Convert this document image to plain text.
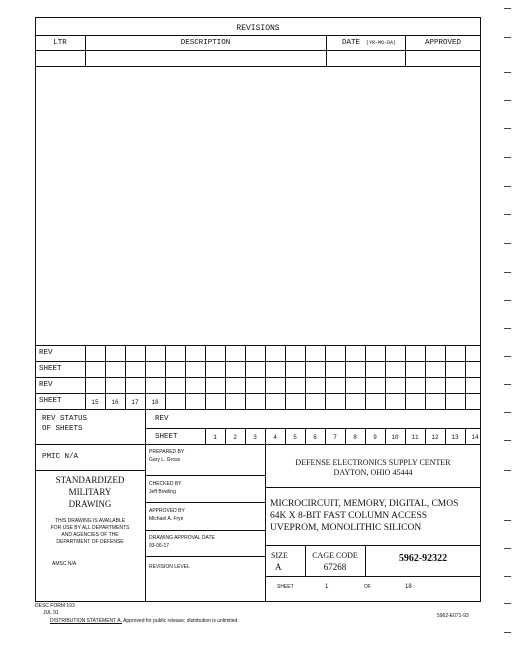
REVISIONS
LTR	DESCRIPTION	DATE (YR-MO-DA)	APPROVED
REV
SHEET
REV
SHEET	15	16	17	18
REV STATUS
OF SHEETS
REV
SHEET	1	2	3	4	5	6	7	8	9	10	11	12	13	14
PMIC N/A
STANDARDIZED
MILITARY
DRAWING
THIS DRAWING IS AVAILABLE
FOR USE BY ALL DEPARTMENTS
AND AGENCIES OF THE
DEPARTMENT OF DEFENSE
AMSC N/A
PREPARED BY
Gary L. Gross
CHECKED BY
Jeff Bowling
APPROVED BY
Michael A. Frye
DRAWING APPROVAL DATE
93-06-17
REVISION LEVEL
DEFENSE ELECTRONICS SUPPLY CENTER
DAYTON, OHIO 45444
MICROCIRCUIT, MEMORY, DIGITAL, CMOS
64K X 8-BIT FAST COLUMN ACCESS
UVEPROM, MONOLITHIC SILICON
SIZE
A
CAGE CODE
67268
5962-92322
SHEET	1	OF	18
DESC FORM 193
JUL 91
DISTRIBUTION STATEMENT A. Approved for public release; distribution is unlimited.
5962-E071-93
